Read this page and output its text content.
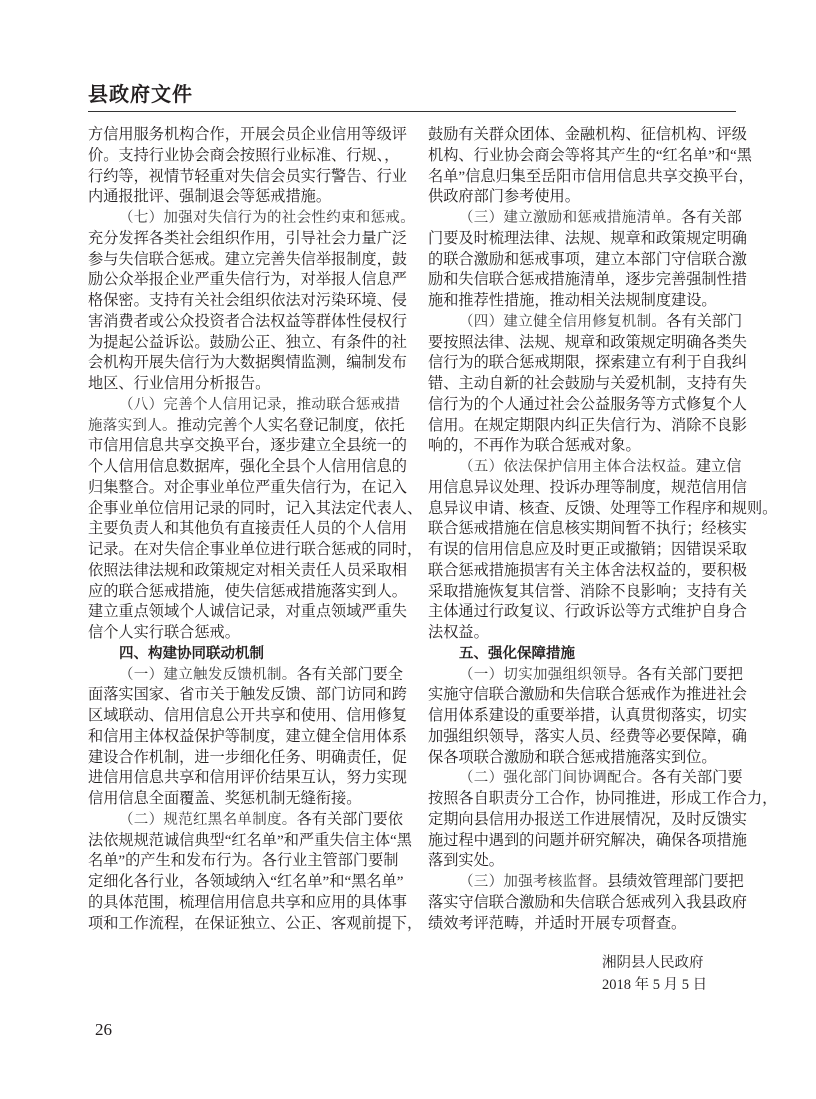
县政府文件
方信用服务机构合作，开展会员企业信用等级评
价。支持行业协会商会按照行业标准、行规、，
行约等，视情节轻重对失信会员实行警告、行业
内通报批评、强制退会等惩戒措施。
（七）加强对失信行为的社会性约束和惩戒。
充分发挥各类社会组织作用，引导社会力量广泛
参与失信联合惩戒。建立完善失信举报制度，鼓
励公众举报企业严重失信行为，对举报人信息严
格保密。支持有关社会组织依法对污染环境、侵
害消费者或公众投资者合法权益等群体性侵权行
为提起公益诉讼。鼓励公正、独立、有条件的社
会机构开展失信行为大数据舆情监测，编制发布
地区、行业信用分析报告。
（八）完善个人信用记录，推动联合惩戒措
施落实到人。推动完善个人实名登记制度，依托
市信用信息共享交换平台，逐步建立全县统一的
个人信用信息数据库，强化全县个人信用信息的
归集整合。对企事业单位严重失信行为，在记入
企事业单位信用记录的同时，记入其法定代表人、
主要负责人和其他负有直接责任人员的个人信用
记录。在对失信企事业单位进行联合惩戒的同时，
依照法律法规和政策规定对相关责任人员采取相
应的联合惩戒措施，使失信惩戒措施落实到人。
建立重点领域个人诚信记录，对重点领域严重失
信个人实行联合惩戒。
四、构建协同联动机制
（一）建立触发反馈机制。各有关部门要全
面落实国家、省市关于触发反馈、部门访同和跨
区域联动、信用信息公开共享和使用、信用修复
和信用主体权益保护等制度，建立健全信用体系
建设合作机制，进一步细化任务、明确责任，促
进信用信息共享和信用评价结果互认，努力实现
信用信息全面覆盖、奖惩机制无缝衔接。
（二）规范红黑名单制度。各有关部门要依
法依规规范诚信典型“红名单”和严重失信主体“黑
名单”的产生和发布行为。各行业主管部门要制
定细化各行业，各领域纳入“红名单”和“黑名单”
的具体范围，梳理信用信息共享和应用的具体事
项和工作流程，在保证独立、公正、客观前提下，
鼓励有关群众团体、金融机构、征信机构、评级
机构、行业协会商会等将其产生的“红名单”和“黑
名单”信息归集至岳阳市信用信息共享交换平台，
供政府部门参考使用。
（三）建立激励和惩戒措施清单。各有关部
门要及时梳理法律、法规、规章和政策规定明确
的联合激励和惩戒事项，建立本部门守信联合激
励和失信联合惩戒措施清单，逐步完善强制性措
施和推荐性措施，推动相关法规制度建设。
（四）建立健全信用修复机制。各有关部门
要按照法律、法规、规章和政策规定明确各类失
信行为的联合惩戒期限，探索建立有利于自我纠
错、主动自新的社会鼓励与关爱机制，支持有失
信行为的个人通过社会公益服务等方式修复个人
信用。在规定期限内纠正失信行为、消除不良影
响的，不再作为联合惩戒对象。
（五）依法保护信用主体合法权益。建立信
用信息异议处理、投诉办理等制度，规范信用信
息异议申请、核查、反馈、处理等工作程序和规则。
联合惩戒措施在信息核实期间暂不执行；经核实
有误的信用信息应及时更正或撤销；因错误采取
联合惩戒措施损害有关主体舍法权益的，要积极
采取措施恢复其信誉、消除不良影响；支持有关
主体通过行政复议、行政诉讼等方式维护自身合
法权益。
五、强化保障措施
（一）切实加强组织领导。各有关部门要把
实施守信联合激励和失信联合惩戒作为推进社会
信用体系建设的重要举措，认真贯彻落实，切实
加强组织领导，落实人员、经费等必要保障，确
保各项联合激励和联合惩戒措施落实到位。
（二）强化部门间协调配合。各有关部门要
按照各自职责分工合作，协同推进，形成工作合力，
定期向县信用办报送工作进展情况，及时反馈实
施过程中遇到的问题并研究解决，确保各项措施
落到实处。
（三）加强考核监督。县绩效管理部门要把
落实守信联合激励和失信联合惩戒列入我县政府
绩效考评范畴，并适时开展专项督查。
湘阴县人民政府
2018 年 5 月 5 日
26
